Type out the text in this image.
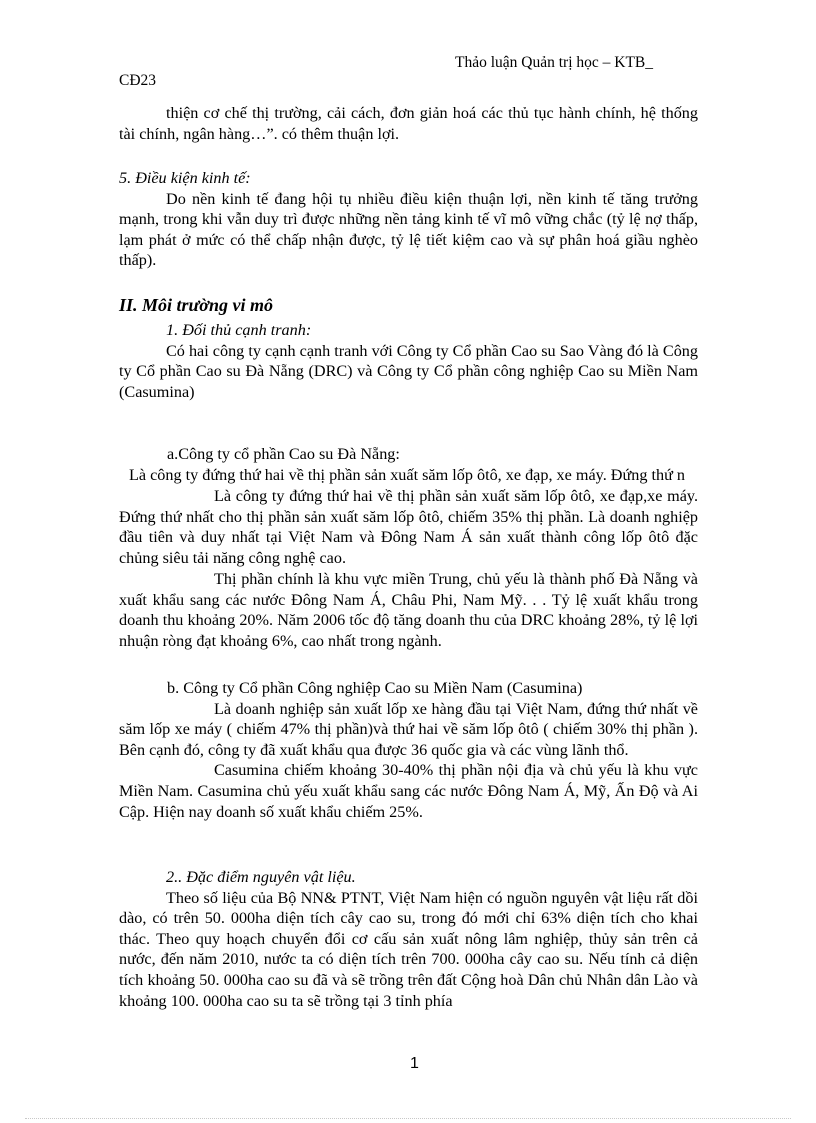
Thảo luận Quản trị học – KTB_
CĐ23

thiện cơ chế thị trường, cải cách, đơn giản hoá các thủ tục hành chính, hệ thống tài chính, ngân hàng…”. có thêm thuận lợi.

5. Điều kiện kinh tế:

Do nền kinh tế đang hội tụ nhiều điều kiện thuận lợi, nền kinh tế tăng trưởng mạnh, trong khi vẫn duy trì được những nền tảng kinh tế vĩ mô vững chắc (tỷ lệ nợ thấp, lạm phát ở mức có thể chấp nhận được, tỷ lệ tiết kiệm cao và sự phân hoá giầu nghèo thấp).

II. Môi trường vi mô

1. Đối thủ cạnh tranh:

Có hai công ty cạnh cạnh tranh với Công ty Cổ phần Cao su Sao Vàng đó là Công ty Cổ phần Cao su Đà Nẵng (DRC) và Công ty Cổ phần công nghiệp Cao su Miền Nam (Casumina)

a.Công ty cổ phần Cao su Đà Nẵng:

Là công ty đứng thứ hai về thị phần sản xuất săm lốp ôtô, xe đạp, xe máy. Đứng thứ n

Là công ty đứng thứ hai về thị phần sản xuất săm lốp ôtô, xe đạp,xe máy. Đứng thứ nhất cho thị phần sản xuất săm lốp ôtô, chiếm 35% thị phần. Là doanh nghiệp đầu tiên và duy nhất tại Việt Nam và Đông Nam Á sản xuất thành công lốp ôtô đặc chủng siêu tải năng công nghệ cao.

Thị phần chính là khu vực miền Trung, chủ yếu là thành phố Đà Nẵng và xuất khẩu sang các nước Đông Nam Á, Châu Phi, Nam Mỹ. . . Tỷ lệ xuất khẩu trong doanh thu khoảng 20%. Năm 2006 tốc độ tăng doanh thu của DRC khoảng 28%, tỷ lệ lợi nhuận ròng đạt khoảng 6%, cao nhất trong ngành.

b. Công ty Cổ phần Công nghiệp Cao su Miền Nam (Casumina)

Là doanh nghiệp sản xuất lốp xe hàng đầu tại Việt Nam, đứng thứ nhất về săm lốp xe máy ( chiếm 47% thị phần)và thứ hai về săm lốp ôtô ( chiếm 30% thị phần ). Bên cạnh đó, công ty đã xuất khẩu qua được 36 quốc gia và các vùng lãnh thổ.

Casumina chiếm khoảng 30-40% thị phần nội địa và chủ yếu là khu vực Miền Nam. Casumina chủ yếu xuất khẩu sang các nước Đông Nam Á, Mỹ, Ấn Độ và Ai Cập. Hiện nay doanh số xuất khẩu chiếm 25%.

2.. Đặc điểm nguyên vật liệu.

Theo số liệu của Bộ NN& PTNT, Việt Nam hiện có nguồn nguyên vật liệu rất dồi dào, có trên 50. 000ha diện tích cây cao su, trong đó mới chỉ 63% diện tích cho khai thác. Theo quy hoạch chuyển đổi cơ cấu sản xuất nông lâm nghiệp, thủy sản trên cả nước, đến năm 2010, nước ta có diện tích trên 700. 000ha cây cao su. Nếu tính cả diện tích khoảng 50. 000ha cao su đã và sẽ trồng trên đất Cộng hoà Dân chủ Nhân dân Lào và khoảng 100. 000ha cao su ta sẽ trồng tại 3 tỉnh phía

1
